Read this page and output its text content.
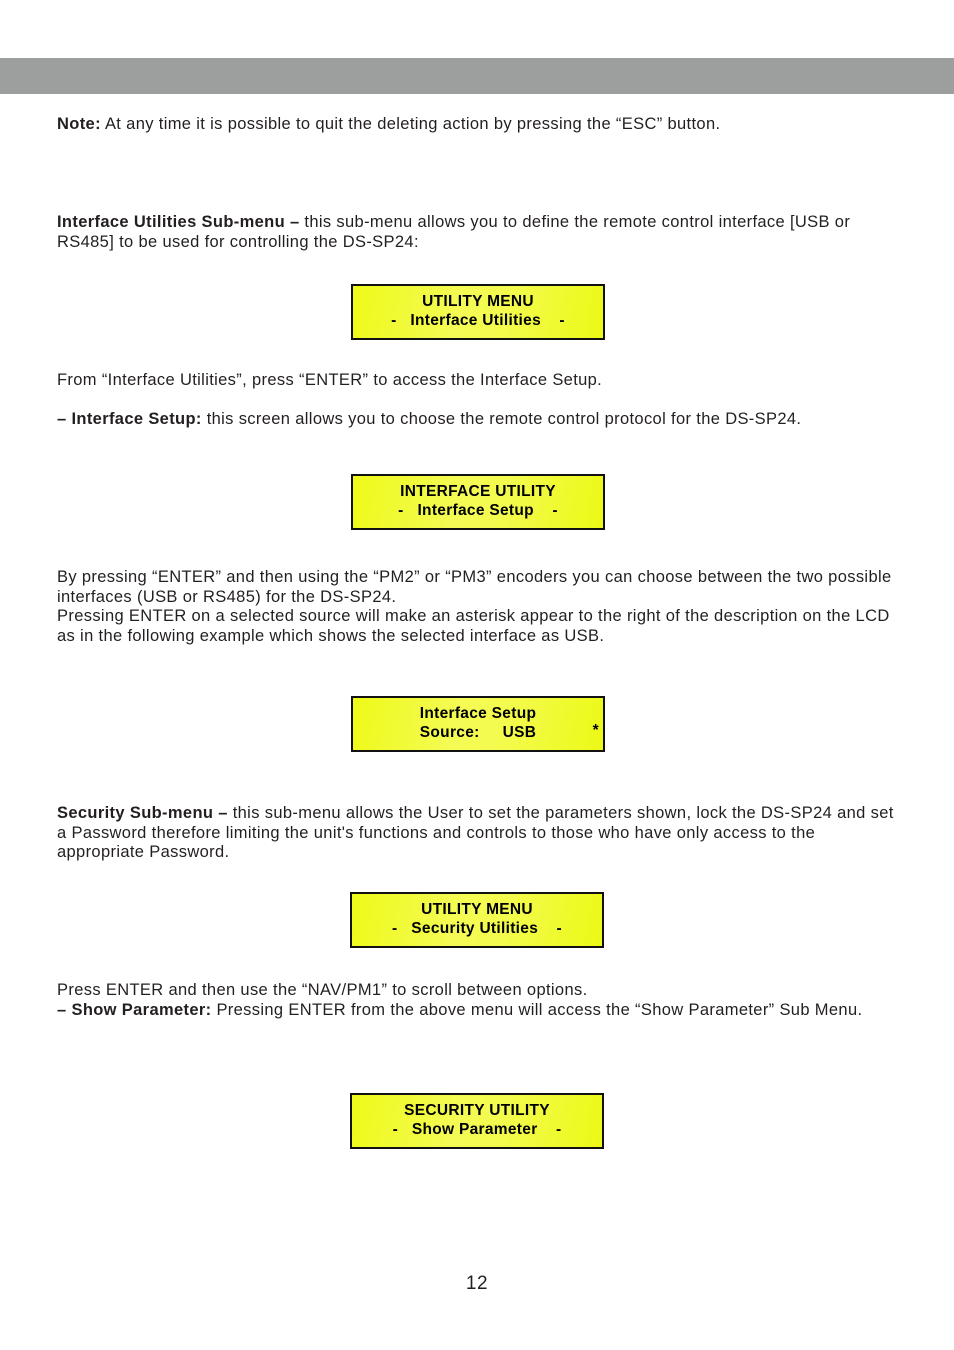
Note: At any time it is possible to quit the deleting action by pressing the “ESC” button.

Interface Utilities Sub-menu – this sub-menu allows you to define the remote control interface [USB or RS485] to be used for controlling the DS-SP24:

UTILITY MENU
-   Interface Utilities    -

From “Interface Utilities”, press “ENTER” to access the Interface Setup.

– Interface Setup: this screen allows you to choose the remote control protocol for the DS-SP24.

INTERFACE UTILITY
-   Interface Setup    -
By pressing “ENTER” and then using the “PM2” or “PM3” encoders you can choose between the two possible interfaces (USB or RS485) for the DS-SP24.
Pressing ENTER on a selected source will make an asterisk appear to the right of the description on the LCD as in the following example which shows the selected interface as USB.
Interface Setup
Source:     USB	*

Security Sub-menu – this sub-menu allows the User to set the parameters shown, lock the DS-SP24 and set a Password therefore limiting the unit's functions and controls to those who have only access to the appropriate Password.

UTILITY MENU
-   Security Utilities    -
Press ENTER and then use the “NAV/PM1” to scroll between options.
– Show Parameter: Pressing ENTER from the above menu will access the “Show Parameter” Sub Menu.
SECURITY UTILITY
-   Show Parameter    -
12
